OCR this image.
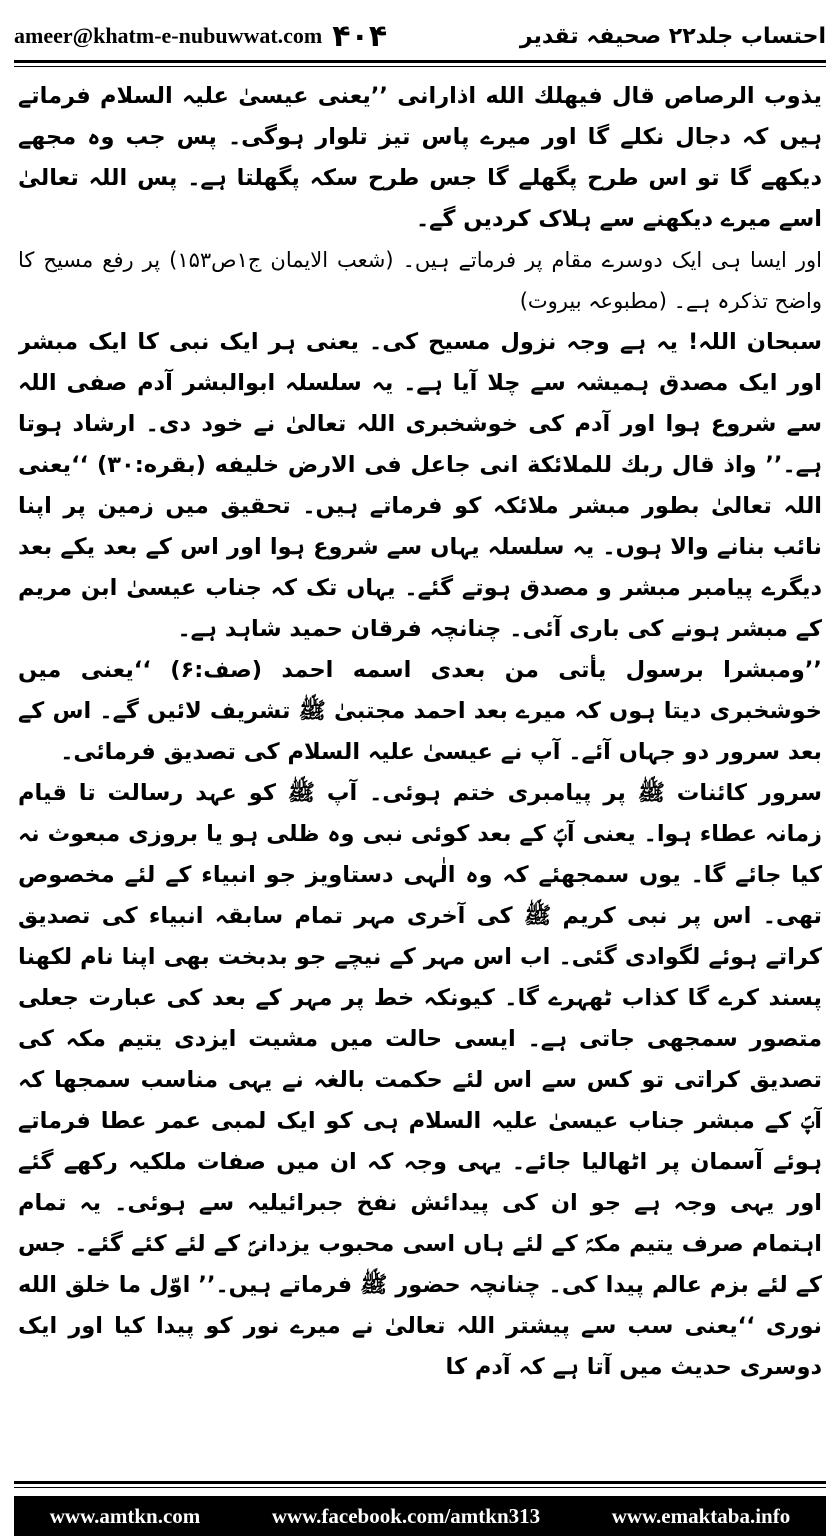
ameer@khatm-e-nubuwwat.com ۴۰۴	احتساب جلد۲۲ صحیفہ تقدیر

یذوب الرصاص قال فیهلك الله اذارانی ’’یعنی عیسیٰ علیہ السلام فرماتے ہیں کہ دجال نکلے گا اور میرے پاس تیز تلوار ہوگی۔ پس جب وہ مجھے دیکھے گا تو اس طرح پگھلے گا جس طرح سکہ پگھلتا ہے۔ پس اللہ تعالیٰ اسے میرے دیکھنے سے ہلاک کردیں گے۔

اور ایسا ہی ایک دوسرے مقام پر فرماتے ہیں۔ (شعب الایمان ج۱ص۱۵۳) پر رفع مسیح کا واضح تذکرہ ہے۔ (مطبوعہ بیروت)

سبحان اللہ! یہ ہے وجہ نزول مسیح کی۔ یعنی ہر ایک نبی کا ایک مبشر اور ایک مصدق ہمیشہ سے چلا آیا ہے۔ یہ سلسلہ ابوالبشر آدم صفی اللہ سے شروع ہوا اور آدم کی خوشخبری اللہ تعالیٰ نے خود دی۔ ارشاد ہوتا ہے۔’’ واذ قال ربك للملائكة انی جاعل فی الارض خلیفه (بقره:۳۰) ‘‘یعنی اللہ تعالیٰ بطور مبشر ملائکہ کو فرماتے ہیں۔ تحقیق میں زمین پر اپنا نائب بنانے والا ہوں۔ یہ سلسلہ یہاں سے شروع ہوا اور اس کے بعد یکے بعد دیگرے پیامبر مبشر و مصدق ہوتے گئے۔ یہاں تک کہ جناب عیسیٰ ابن مریم کے مبشر ہونے کی باری آئی۔ چنانچہ فرقان حمید شاہد ہے۔

’’ومبشرا برسول یأتی من بعدی اسمه احمد (صف:۶) ‘‘یعنی میں خوشخبری دیتا ہوں کہ میرے بعد احمد مجتبیٰ ﷺ تشریف لائیں گے۔ اس کے بعد سرور دو جہاں آئے۔ آپ نے عیسیٰ علیہ السلام کی تصدیق فرمائی۔

سرور کائنات ﷺ پر پیامبری ختم ہوئی۔ آپ ﷺ کو عہد رسالت تا قیام زمانہ عطاء ہوا۔ یعنی آپؐ کے بعد کوئی نبی وہ ظلی ہو یا بروزی مبعوث نہ کیا جائے گا۔ یوں سمجھئے کہ وہ الٰہی دستاویز جو انبیاء کے لئے مخصوص تھی۔ اس پر نبی کریم ﷺ کی آخری مہر تمام سابقہ انبیاء کی تصدیق کراتے ہوئے لگوادی گئی۔ اب اس مہر کے نیچے جو بدبخت بھی اپنا نام لکھنا پسند کرے گا کذاب ٹھہرے گا۔ کیونکہ خط پر مہر کے بعد کی عبارت جعلی متصور سمجھی جاتی ہے۔ ایسی حالت میں مشیت ایزدی یتیم مکہ کی تصدیق کراتی تو کس سے اس لئے حکمت بالغہ نے یہی مناسب سمجھا کہ آپؐ کے مبشر جناب عیسیٰ علیہ السلام ہی کو ایک لمبی عمر عطا فرماتے ہوئے آسمان پر اٹھالیا جائے۔ یہی وجہ کہ ان میں صفات ملکیہ رکھے گئے اور یہی وجہ ہے جو ان کی پیدائش نفخ جبرائیلیہ سے ہوئی۔ یہ تمام اہتمام صرف یتیم مکہؐ کے لئے ہاں اسی محبوب یزدانیؐ کے لئے کئے گئے۔ جس کے لئے بزم عالم پیدا کی۔ چنانچہ حضور ﷺ فرماتے ہیں۔’’ اوّل ما خلق الله نوری ‘‘یعنی سب سے پیشتر اللہ تعالیٰ نے میرے نور کو پیدا کیا اور ایک دوسری حدیث میں آتا ہے کہ آدم کا

www.amtkn.com	www.facebook.com/amtkn313	www.emaktaba.info
